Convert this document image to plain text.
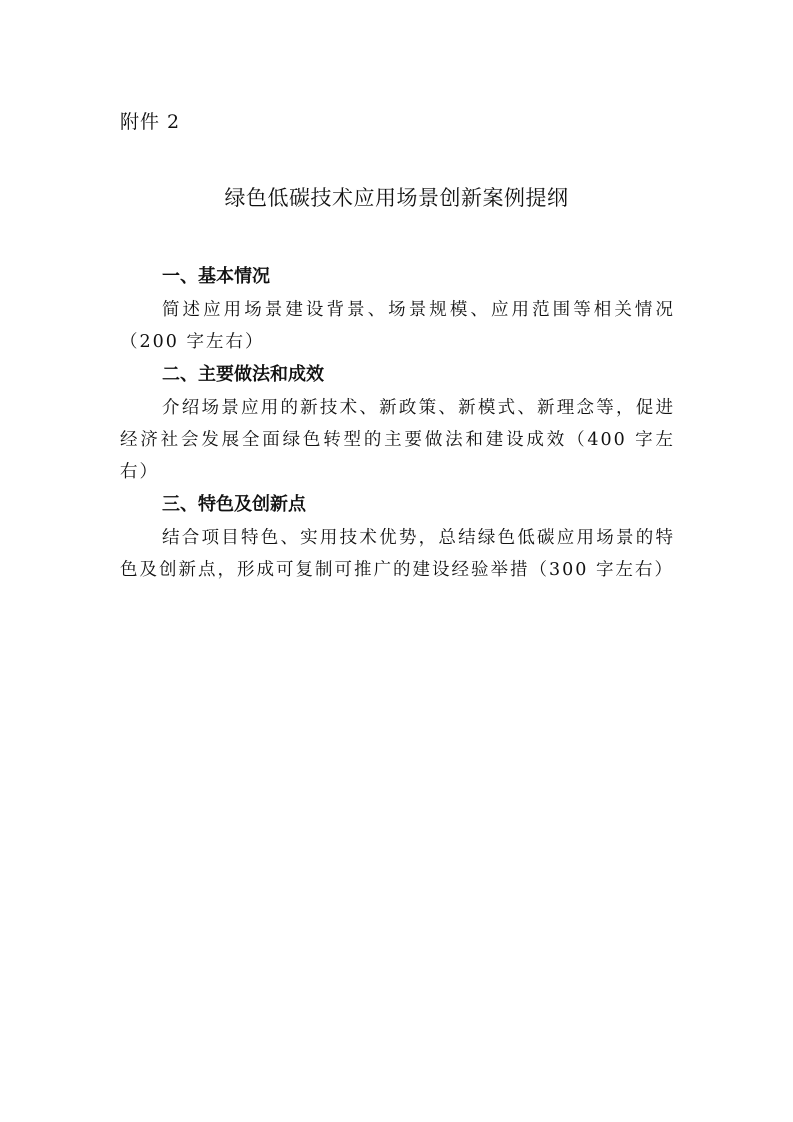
附件 2
绿色低碳技术应用场景创新案例提纲
一、基本情况
简述应用场景建设背景、场景规模、应用范围等相关情况（200 字左右）
二、主要做法和成效
介绍场景应用的新技术、新政策、新模式、新理念等，促进经济社会发展全面绿色转型的主要做法和建设成效（400 字左右）
三、特色及创新点
结合项目特色、实用技术优势，总结绿色低碳应用场景的特色及创新点，形成可复制可推广的建设经验举措（300 字左右）
